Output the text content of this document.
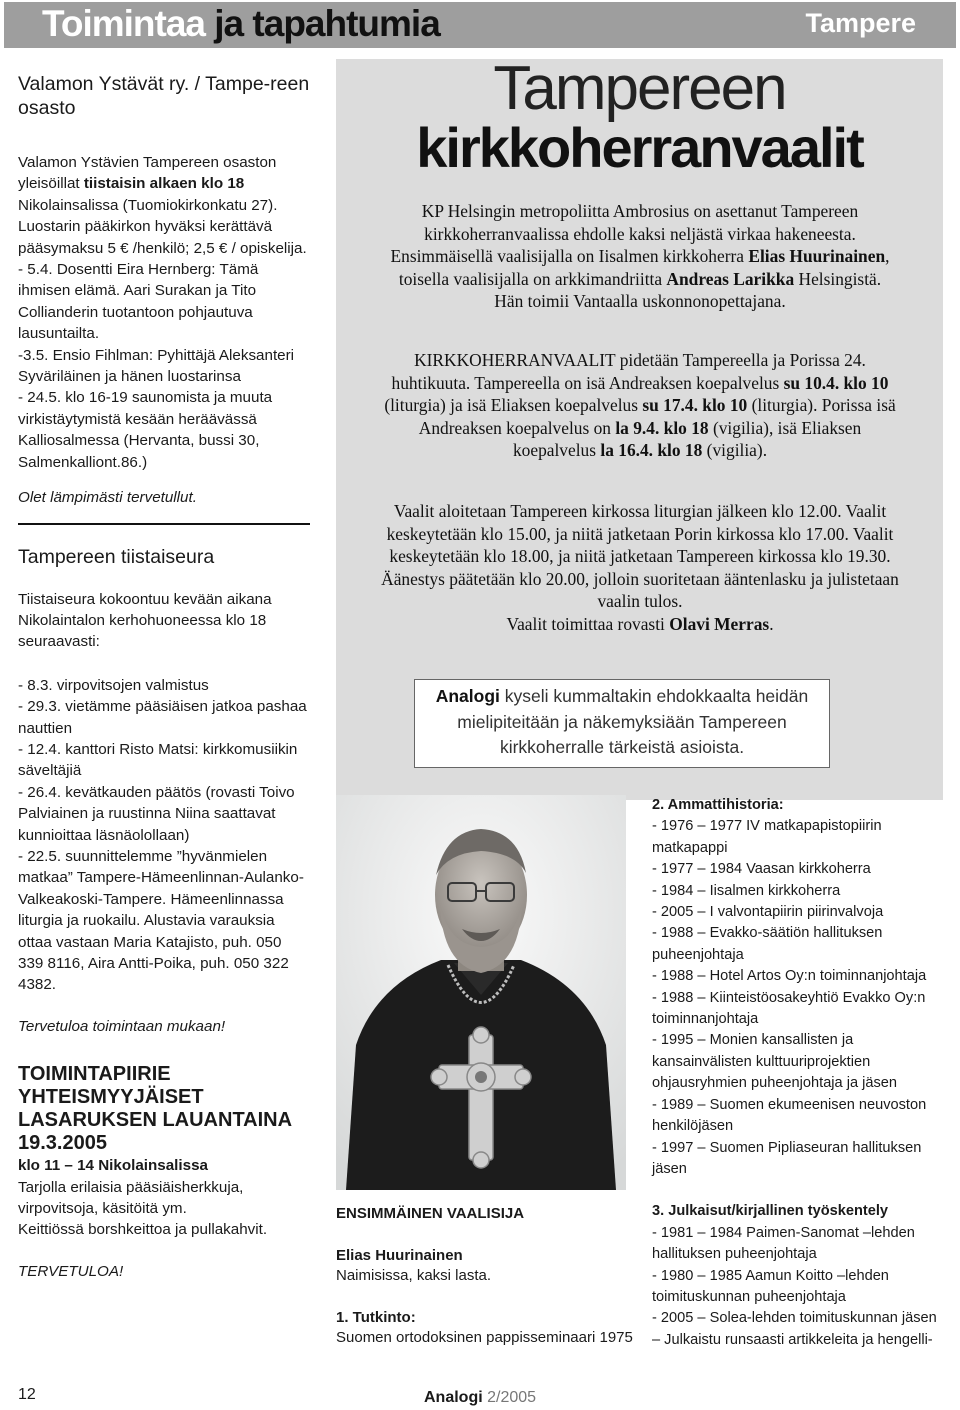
Toimintaa ja tapahtumia	Tampere
Valamon Ystävät ry. / Tampe-reen osasto

Valamon Ystävien Tampereen osaston yleisöillat tiistaisin alkaen klo 18 Nikolainsalissa (Tuomiokirkonkatu 27). Luostarin pääkirkon hyväksi kerättävä pääsymaksu 5 € /henkilö; 2,5 € / opiskelija.

- 5.4. Dosentti Eira Hernberg: Tämä ihmisen elämä. Aari Surakan ja Tito Collianderin tuotantoon pohjautuva lausuntailta.

-3.5. Ensio Fihlman: Pyhittäjä Aleksanteri Syväriläinen ja hänen luostarinsa

- 24.5. klo 16-19 saunomista ja muuta virkistäytymistä kesään heräävässä Kalliosalmessa (Hervanta, bussi 30, Salmenkalliont.86.)

Olet lämpimästi tervetullut.

Tampereen tiistaiseura

Tiistaiseura kokoontuu kevään aikana Nikolaintalon kerhohuoneessa klo 18 seuraavasti:

- 8.3. virpovitsojen valmistus

- 29.3. vietämme pääsiäisen jatkoa pashaa nauttien

- 12.4. kanttori Risto Matsi: kirkkomusiikin säveltäjiä

- 26.4. kevätkauden päätös (rovasti Toivo Palviainen ja ruustinna Niina saattavat kunnioittaa läsnäolollaan)

- 22.5. suunnittelemme ”hyvänmielen matkaa” Tampere-Hämeenlinnan-Aulanko-Valkeakoski-Tampere. Hämeenlinnassa liturgia ja ruokailu. Alustavia varauksia ottaa vastaan Maria Katajisto, puh. 050 339 8116, Aira Antti-Poika, puh. 050 322 4382.

Tervetuloa toimintaan mukaan!

TOIMINTAPIIRIE YHTEISMYYJÄISET LASARUKSEN LAUANTAINA 19.3.2005

klo 11 – 14 Nikolainsalissa

Tarjolla erilaisia pääsiäisherkkuja, virpovitsoja, käsitöitä ym.

Keittiössä borshkeittoa ja pullakahvit.

TERVETULOA!

Tampereen
kirkkoherranvaalit

KP Helsingin metropoliitta Ambrosius on asettanut Tampereen kirkkoherranvaalissa ehdolle kaksi neljästä virkaa hakeneesta. Ensimmäisellä vaalisijalla on Iisalmen kirkkoherra Elias Huurinainen, toisella vaalisijalla on arkkimandriitta Andreas Larikka Helsingistä.
Hän toimii Vantaalla uskonnonopettajana.

KIRKKOHERRANVAALIT pidetään Tampereella ja Porissa 24. huhtikuuta. Tampereella on isä Andreaksen koepalvelus su 10.4. klo 10 (liturgia) ja isä Eliaksen koepalvelus su 17.4. klo 10 (liturgia). Porissa isä Andreaksen koepalvelus on la 9.4. klo 18 (vigilia), isä Eliaksen koepalvelus la 16.4. klo 18 (vigilia).

Vaalit aloitetaan Tampereen kirkossa liturgian jälkeen klo 12.00. Vaalit keskeytetään klo 15.00, ja niitä jatketaan Porin kirkossa klo 17.00. Vaalit keskeytetään klo 18.00, ja niitä jatketaan Tampereen kirkossa klo 19.30. Äänestys päätetään klo 20.00, jolloin suoritetaan ääntenlasku ja julistetaan vaalin tulos.
Vaalit toimittaa rovasti Olavi Merras.

Analogi kyseli kummaltakin ehdokkaalta heidän mielipiteitään ja näkemyksiään Tampereen kirkkoherralle tärkeistä asioista.

ENSIMMÄINEN VAALISIJA

Elias Huurinainen

Naimisissa, kaksi lasta.

1. Tutkinto:

Suomen ortodoksinen pappisseminaari 1975

2. Ammattihistoria:

- 1976 – 1977 IV matkapapistopiirin matkapappi

- 1977 – 1984 Vaasan kirkkoherra

- 1984 – Iisalmen kirkkoherra

- 2005 – I valvontapiirin piirinvalvoja

- 1988 – Evakko-säätiön hallituksen puheenjohtaja

- 1988 – Hotel Artos Oy:n toiminnanjohtaja

- 1988 – Kiinteistöosakeyhtiö Evakko Oy:n toiminnanjohtaja

- 1995 – Monien kansallisten ja kansainvälisten kulttuuriprojektien ohjausryhmien puheenjohtaja ja jäsen

- 1989 – Suomen ekumeenisen neuvoston henkilöjäsen

- 1997 – Suomen Pipliaseuran hallituksen jäsen

3. Julkaisut/kirjallinen työskentely

- 1981 – 1984 Paimen-Sanomat –lehden hallituksen puheenjohtaja

- 1980 – 1985 Aamun Koitto –lehden toimituskunnan puheenjohtaja

- 2005 – Solea-lehden toimituskunnan jäsen – Julkaistu runsaasti artikkeleita ja hengelli-

12	Analogi 2/2005
